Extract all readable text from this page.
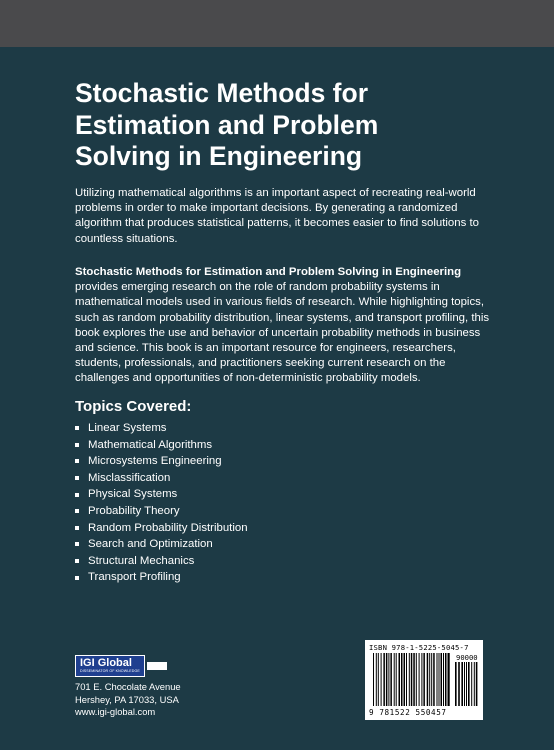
Stochastic Methods for
Estimation and Problem
Solving in Engineering

Utilizing mathematical algorithms is an important aspect of recreating real-world problems in order to make important decisions. By generating a randomized algorithm that produces statistical patterns, it becomes easier to find solutions to countless situations.

Stochastic Methods for Estimation and Problem Solving in Engineering provides emerging research on the role of random probability systems in mathematical models used in various fields of research. While highlighting topics, such as random probability distribution, linear systems, and transport profiling, this book explores the use and behavior of uncertain probability methods in business and science. This book is an important resource for engineers, researchers, students, professionals, and practitioners seeking current research on the challenges and opportunities of non-deterministic probability models.

Topics Covered:
Linear Systems
Mathematical Algorithms
Microsystems Engineering
Misclassification
Physical Systems
Probability Theory
Random Probability Distribution
Search and Optimization
Structural Mechanics
Transport Profiling
IGI Global
DISSEMINATOR OF KNOWLEDGE
701 E. Chocolate Avenue
Hershey, PA 17033, USA
www.igi-global.com
ISBN 978-1-5225-5045-7
90000
9 781522 550457
